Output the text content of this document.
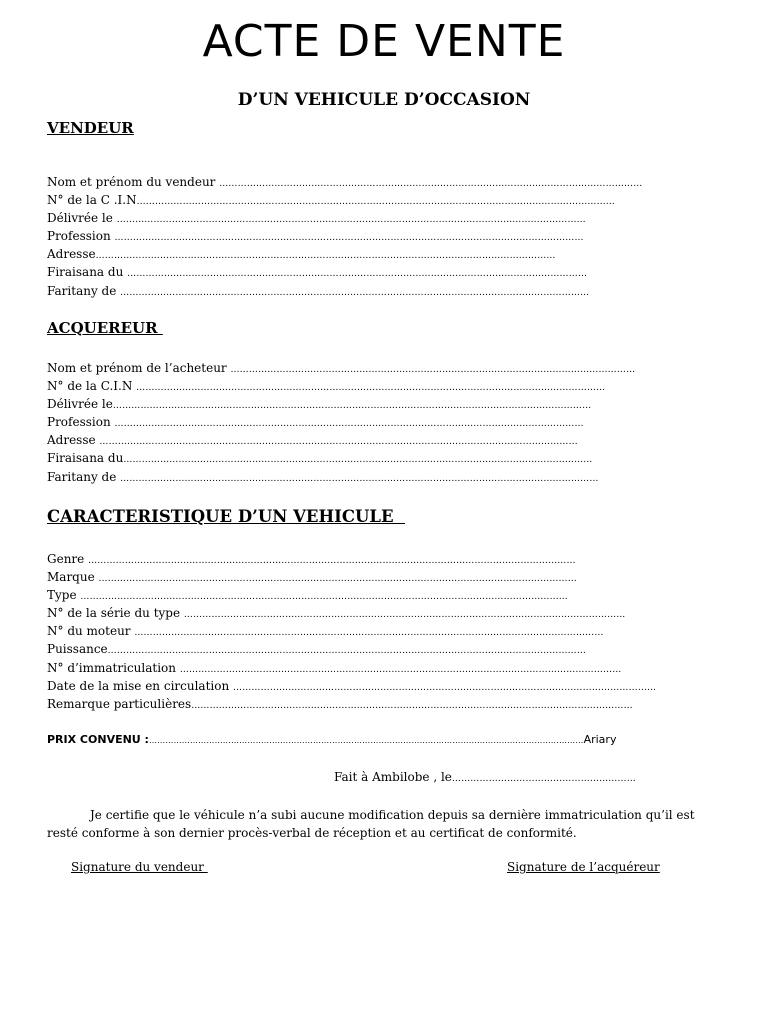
ACTE DE VENTE
D’UN VEHICULE D’OCCASION
VENDEUR
Nom et prénom du vendeur …………………………………………………………………………………………………………………………
N° de la C .I.N…………………………………………………………………………………………………………………………………………
Délivrée le ………………………………………………………………………………………………………………………………………
Profession ………………………………………………………………………………………………………………………………………
Adresse……………………………………………………………………………………………………………………………………
Firaisana du ……………………………………………………………………………………………………………………………………
Faritany de ………………………………………………………………………………………………………………………………………
ACQUEREUR
Nom et prénom de l’acheteur ……………………………………………………………………………………………………………………
N° de la C.I.N ………………………………………………………………………………………………………………………………………
Délivrée le…………………………………………………………………………………………………………………………………………
Profession ………………………………………………………………………………………………………………………………………
Adresse …………………………………………………………………………………………………………………………………………
Firaisana du………………………………………………………………………………………………………………………………………
Faritany de …………………………………………………………………………………………………………………………………………
CARACTERISTIQUE D’UN VEHICULE
Genre ……………………………………………………………………………………………………………………………………………
Marque …………………………………………………………………………………………………………………………………………
Type ……………………………………………………………………………………………………………………………………………
N° de la série du type ………………………………………………………………………………………………………………………………
N° du moteur ………………………………………………………………………………………………………………………………………
Puissance…………………………………………………………………………………………………………………………………………
N° d’immatriculation ………………………………………………………………………………………………………………………………
Date de la mise en circulation …………………………………………………………………………………………………………………………
Remarque particulières………………………………………………………………………………………………………………………………
PRIX CONVENU :……………………………………………………………………………………………………………………………………………Ariary
Fait à Ambilobe , le……………………………………………………
Je certifie que le véhicule n’a subi aucune modification depuis sa dernière immatriculation qu’il est resté conforme à son dernier procès-verbal de réception et au certificat de conformité.
Signature du vendeur	Signature de l’acquéreur
